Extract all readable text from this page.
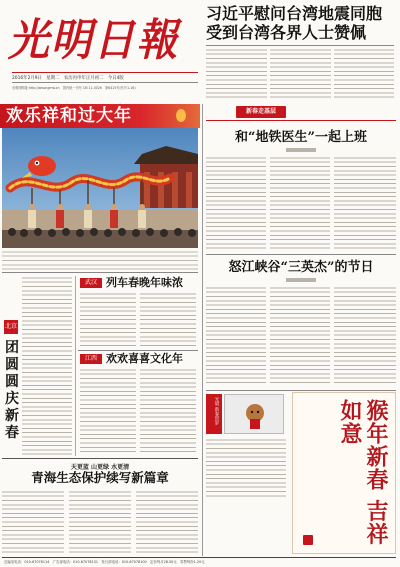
光明日報
2016年2月9日　星期二　农历丙申年正月初二　今日4版
光明网网址:http://www.gmw.cn　国内统一刊号 CN 11-0026　第6415号(代号1-16)
习近平慰问台湾地震同胞
受到台湾各界人士赞佩
欢乐祥和过大年
北京
团
圆
圆
庆
新
春
武汉 列车春晚年味浓
江西 欢欢喜喜文化年
天更蓝 山更绿 水更清
青海生态保护续写新篇章
新春走基层
和“地铁医生”一起上班
怒江峡谷“三英杰”的节日
光明 新春贺岁	猴年新春 吉祥如意
总编室电话：010-67078114　广告部电话：010-67078131　发行部电话：010-67078100　定价每月28.50元　零售每份1.20元
